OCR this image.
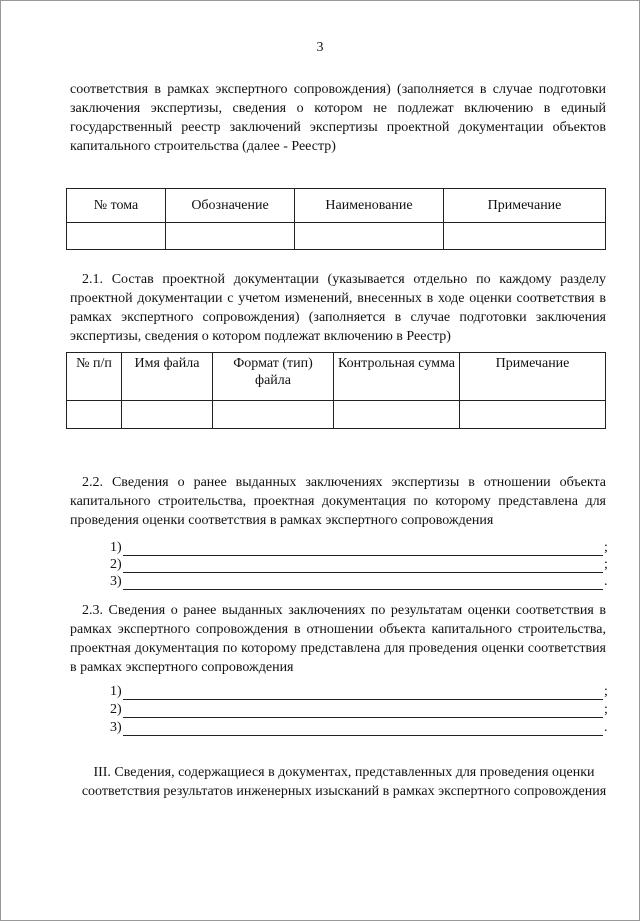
3
соответствия в рамках экспертного сопровождения) (заполняется в случае подготовки заключения экспертизы, сведения о котором не подлежат включению в единый государственный реестр заключений экспертизы проектной документации объектов капитального строительства (далее - Реестр)
№ тома	Обозначение	Наименование	Примечание

2.1. Состав проектной документации (указывается отдельно по каждому разделу проектной документации с учетом изменений, внесенных в ходе оценки соответствия в рамках экспертного сопровождения) (заполняется в случае подготовки заключения экспертизы, сведения о котором подлежат включению в Реестр)
№ п/п	Имя файла	Формат (тип) файла	Контрольная сумма	Примечание

2.2. Сведения о ранее выданных заключениях экспертизы в отношении объекта капитального строительства, проектная документация по которому представлена для проведения оценки соответствия в рамках экспертного сопровождения
1)	;
2)	;
3)	.
2.3. Сведения о ранее выданных заключениях по результатам оценки соответствия в рамках экспертного сопровождения в отношении объекта капитального строительства, проектная документация по которому представлена для проведения оценки соответствия в рамках экспертного сопровождения
1)	;
2)	;
3)	.
III. Сведения, содержащиеся в документах, представленных для проведения оценки соответствия результатов инженерных изысканий в рамках экспертного сопровождения
